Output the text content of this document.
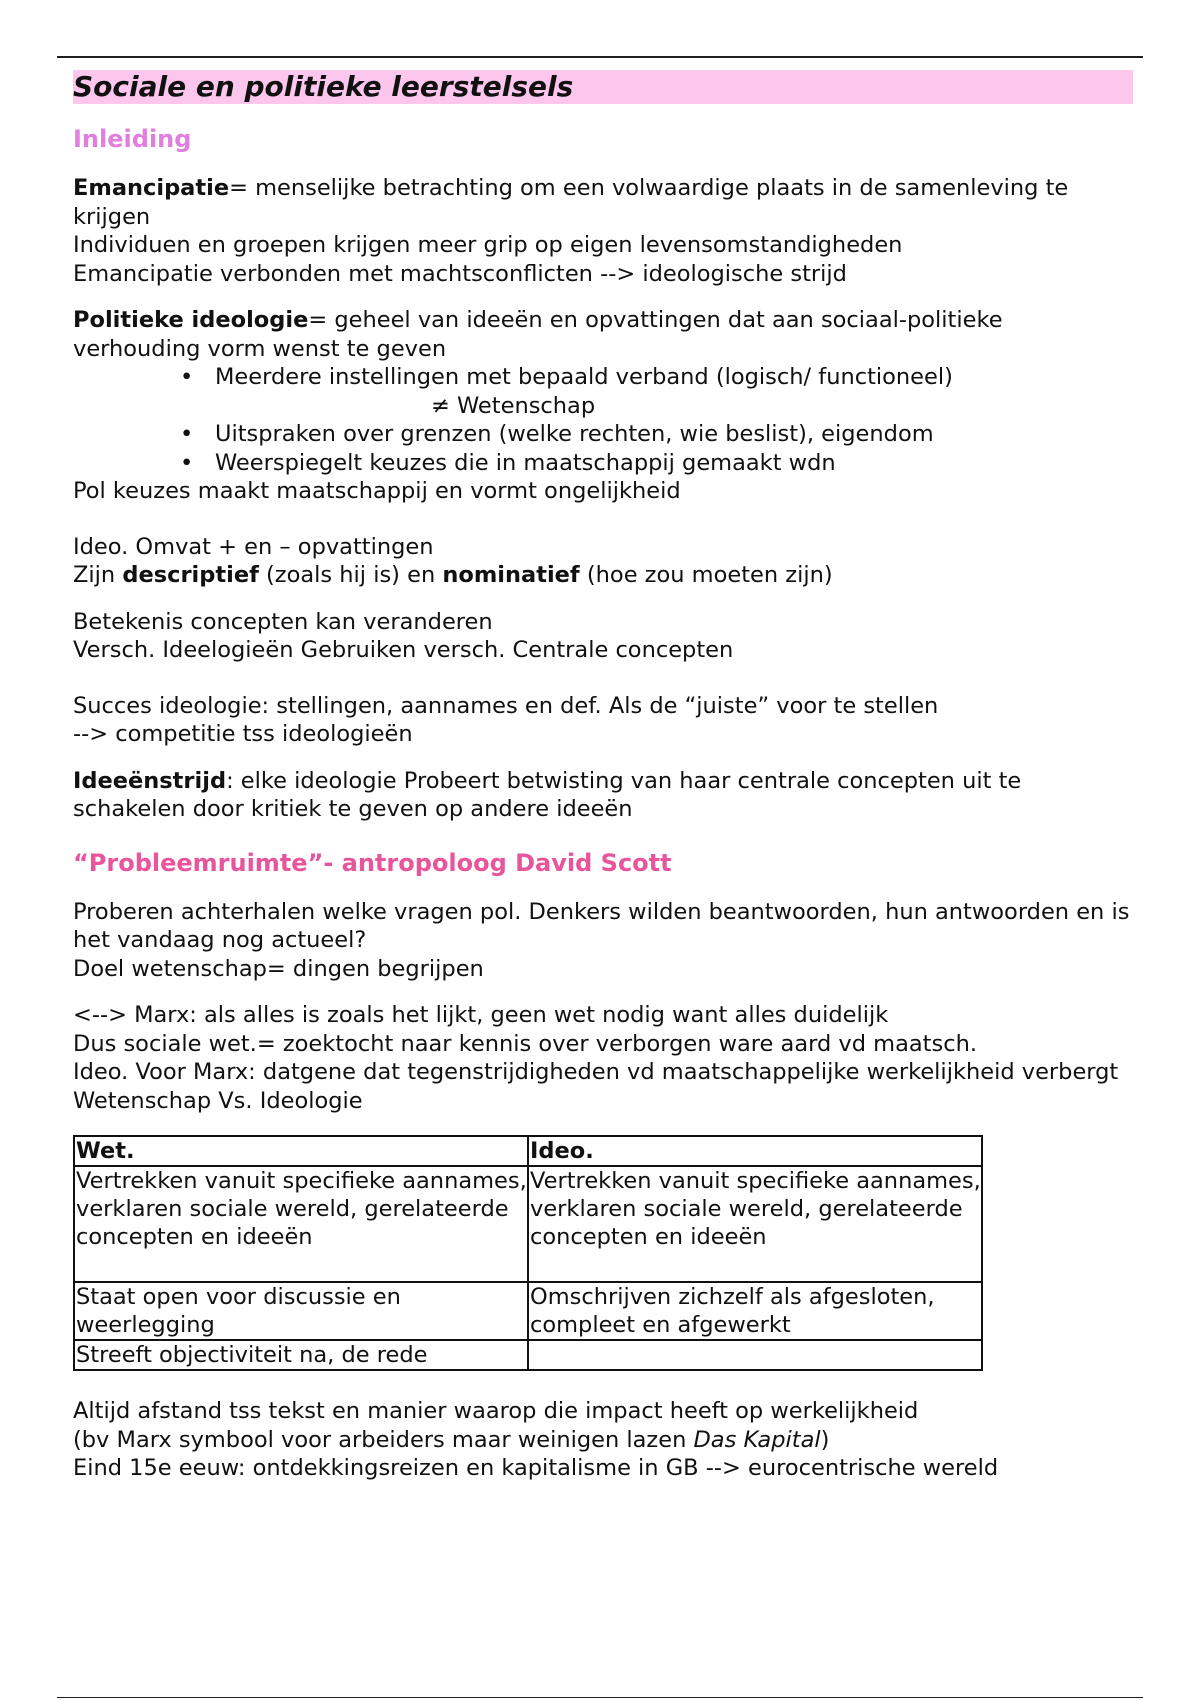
Sociale en politieke leerstelsels
Inleiding

Emancipatie= menselijke betrachting om een volwaardige plaats in de samenleving te krijgen

Individuen en groepen krijgen meer grip op eigen levensomstandigheden

Emancipatie verbonden met machtsconflicten --> ideologische strijd

Politieke ideologie= geheel van ideeën en opvattingen dat aan sociaal-politieke verhouding vorm wenst te geven

• Meerdere instellingen met bepaald verband (logisch/ functioneel)
≠ Wetenschap
• Uitspraken over grenzen (welke rechten, wie beslist), eigendom
• Weerspiegelt keuzes die in maatschappij gemaakt wdn

Pol keuzes maakt maatschappij en vormt ongelijkheid

Ideo. Omvat + en – opvattingen

Zijn descriptief (zoals hij is) en nominatief (hoe zou moeten zijn)

Betekenis concepten kan veranderen

Versch. Ideelogieën Gebruiken versch. Centrale concepten

Succes ideologie: stellingen, aannames en def. Als de “juiste” voor te stellen

--> competitie tss ideologieën

Ideeënstrijd: elke ideologie Probeert betwisting van haar centrale concepten uit te schakelen door kritiek te geven op andere ideeën

“Probleemruimte”- antropoloog David Scott

Proberen achterhalen welke vragen pol. Denkers wilden beantwoorden, hun antwoorden en is het vandaag nog actueel?

Doel wetenschap= dingen begrijpen

<--> Marx: als alles is zoals het lijkt, geen wet nodig want alles duidelijk

Dus sociale wet.= zoektocht naar kennis over verborgen ware aard vd maatsch.

Ideo. Voor Marx: datgene dat tegenstrijdigheden vd maatschappelijke werkelijkheid verbergt

Wetenschap Vs. Ideologie

Wet.	Ideo.
Vertrekken vanuit specifieke aannames, verklaren sociale wereld, gerelateerde concepten en ideeën	Vertrekken vanuit specifieke aannames, verklaren sociale wereld, gerelateerde concepten en ideeën
Staat open voor discussie en weerlegging	Omschrijven zichzelf als afgesloten, compleet en afgewerkt
Streeft objectiviteit na, de rede	

Altijd afstand tss tekst en manier waarop die impact heeft op werkelijkheid

(bv Marx symbool voor arbeiders maar weinigen lazen Das Kapital)

Eind 15e eeuw: ontdekkingsreizen en kapitalisme in GB --> eurocentrische wereld
